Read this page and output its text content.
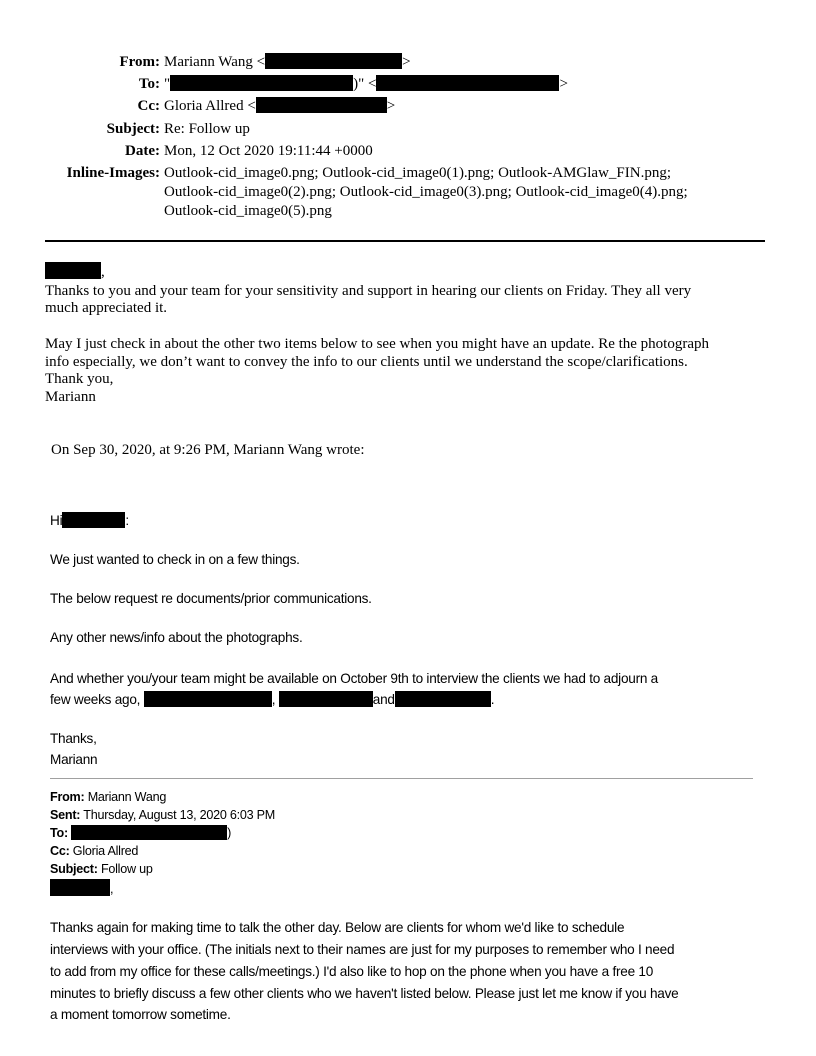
From: Mariann Wang <	>
To: "	)" <	>
Cc: Gloria Allred <	>
Subject: Re: Follow up
Date: Mon, 12 Oct 2020 19:11:44 +0000
Inline-Images: Outlook-cid_image0.png; Outlook-cid_image0(1).png; Outlook-AMGlaw_FIN.png;
Outlook-cid_image0(2).png; Outlook-cid_image0(3).png; Outlook-cid_image0(4).png;
Outlook-cid_image0(5).png
,
Thanks to you and your team for your sensitivity and support in hearing our clients on Friday. They all very
much appreciated it.
May I just check in about the other two items below to see when you might have an update. Re the photograph
info especially, we don’t want to convey the info to our clients until we understand the scope/clarifications.
Thank you,
Mariann
On Sep 30, 2020, at 9:26 PM, Mariann Wang wrote:
Hi	:
We just wanted to check in on a few things.
The below request re documents/prior communications.
Any other news/info about the photographs.
And whether you/your team might be available on October 9th to interview the clients we had to adjourn a
few weeks ago,	,	and	.
Thanks,
Mariann
From: Mariann Wang
Sent: Thursday, August 13, 2020 6:03 PM
To:	)
Cc: Gloria Allred
Subject: Follow up
,
Thanks again for making time to talk the other day. Below are clients for whom we'd like to schedule
interviews with your office. (The initials next to their names are just for my purposes to remember who I need
to add from my office for these calls/meetings.) I'd also like to hop on the phone when you have a free 10
minutes to briefly discuss a few other clients who we haven't listed below. Please just let me know if you have
a moment tomorrow sometime.
